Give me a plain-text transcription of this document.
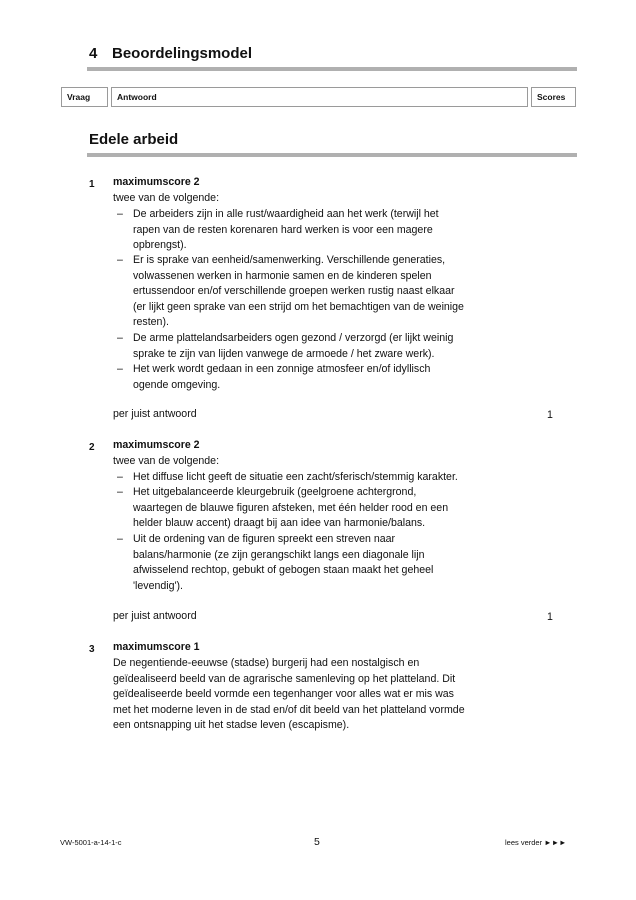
4 Beoordelingsmodel
Vraag	Antwoord	Scores
Edele arbeid
1 maximumscore 2
twee van de volgende:
– De arbeiders zijn in alle rust/waardigheid aan het werk (terwijl het
rapen van de resten korenaren hard werken is voor een magere
opbrengst).
– Er is sprake van eenheid/samenwerking. Verschillende generaties,
volwassenen werken in harmonie samen en de kinderen spelen
ertussendoor en/of verschillende groepen werken rustig naast elkaar
(er lijkt geen sprake van een strijd om het bemachtigen van de weinige
resten).
– De arme plattelandsarbeiders ogen gezond / verzorgd (er lijkt weinig
sprake te zijn van lijden vanwege de armoede / het zware werk).
– Het werk wordt gedaan in een zonnige atmosfeer en/of idyllisch
ogende omgeving.
per juist antwoord	1
2 maximumscore 2
twee van de volgende:
– Het diffuse licht geeft de situatie een zacht/sferisch/stemmig karakter.
– Het uitgebalanceerde kleurgebruik (geelgroene achtergrond,
waartegen de blauwe figuren afsteken, met één helder rood en een
helder blauw accent) draagt bij aan idee van harmonie/balans.
– Uit de ordening van de figuren spreekt een streven naar
balans/harmonie (ze zijn gerangschikt langs een diagonale lijn
afwisselend rechtop, gebukt of gebogen staan maakt het geheel
'levendig').
per juist antwoord	1
3 maximumscore 1
De negentiende-eeuwse (stadse) burgerij had een nostalgisch en
geïdealiseerd beeld van de agrarische samenleving op het platteland. Dit
geïdealiseerde beeld vormde een tegenhanger voor alles wat er mis was
met het moderne leven in de stad en/of dit beeld van het platteland vormde
een ontsnapping uit het stadse leven (escapisme).
VW-5001-a-14-1-c	5	lees verder ►►►
